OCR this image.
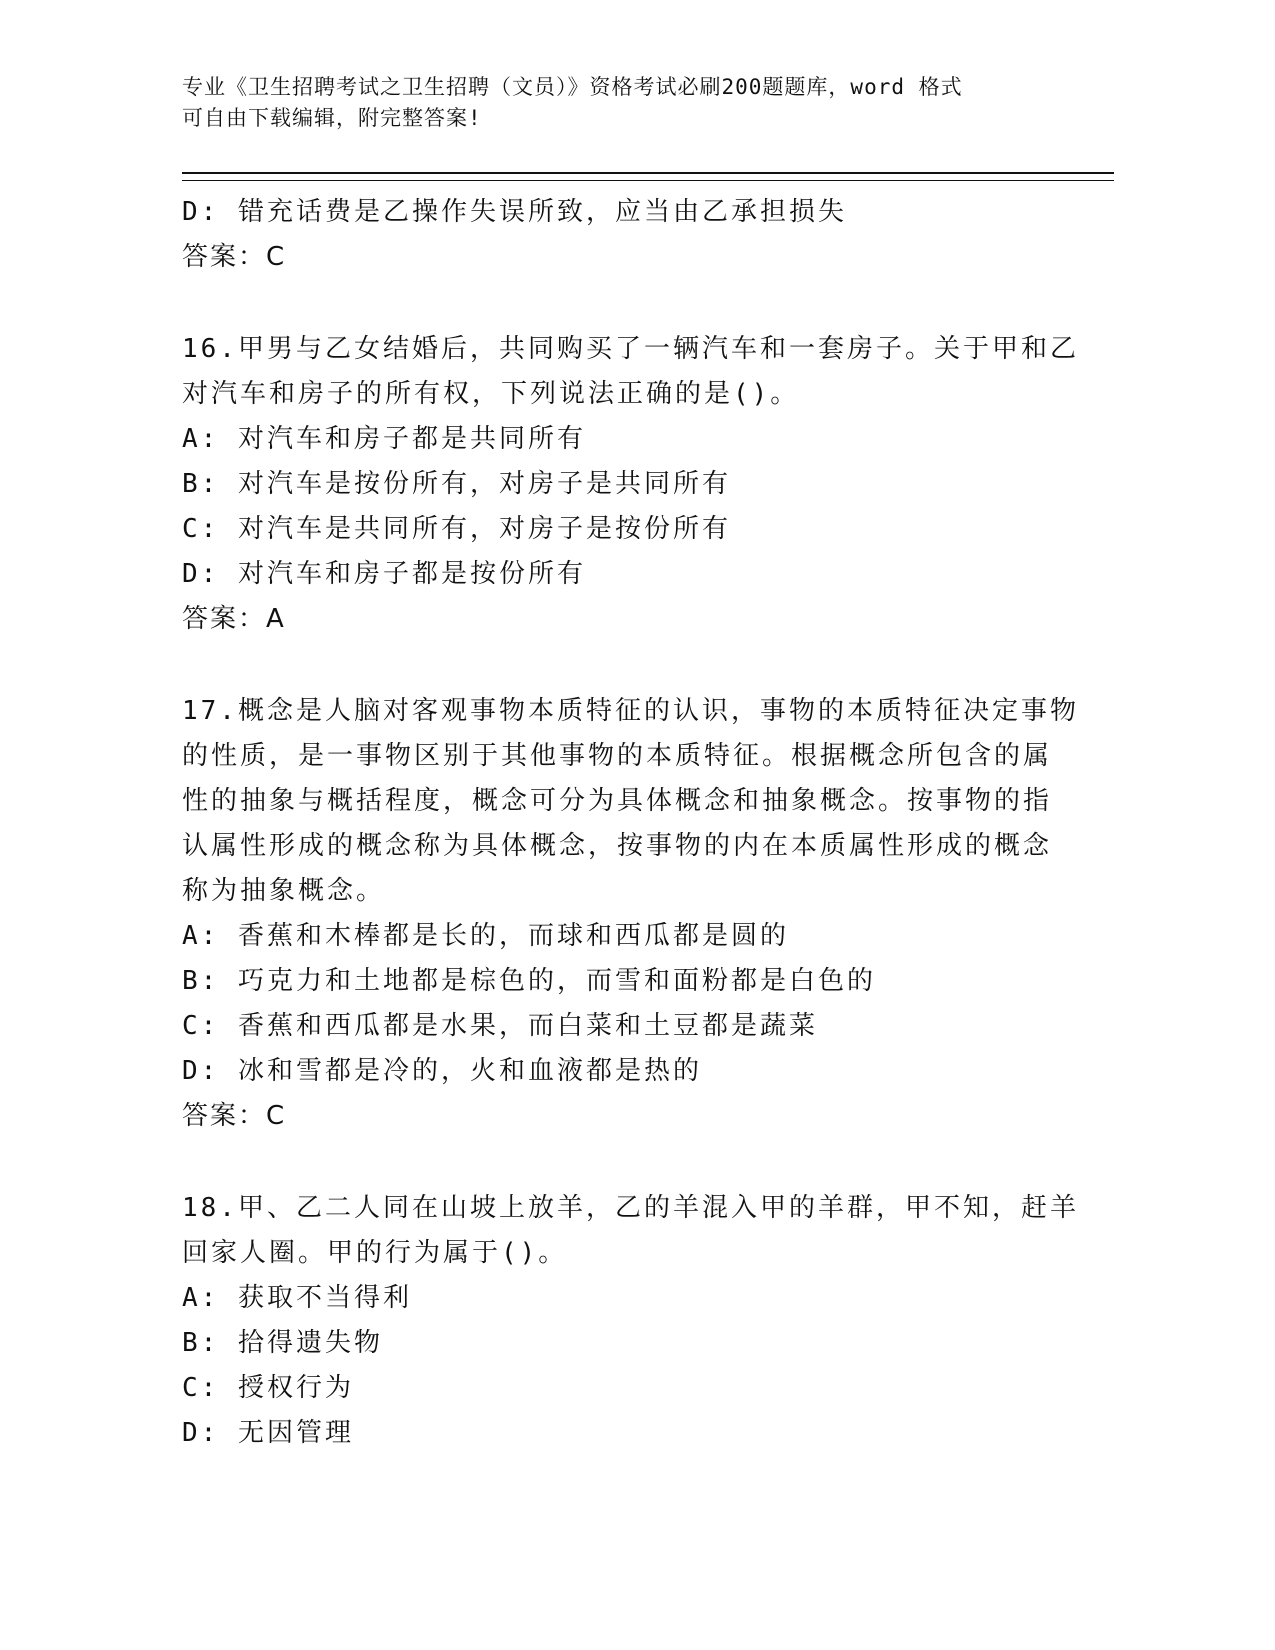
专业《卫生招聘考试之卫生招聘（文员）》资格考试必刷200题题库，word 格式
可自由下载编辑，附完整答案!
D: 错充话费是乙操作失误所致，应当由乙承担损失
答案：C
16.甲男与乙女结婚后，共同购买了一辆汽车和一套房子。关于甲和乙
对汽车和房子的所有权，下列说法正确的是()。
A: 对汽车和房子都是共同所有
B: 对汽车是按份所有，对房子是共同所有
C: 对汽车是共同所有，对房子是按份所有
D: 对汽车和房子都是按份所有
答案：A
17.概念是人脑对客观事物本质特征的认识，事物的本质特征决定事物
的性质，是一事物区别于其他事物的本质特征。根据概念所包含的属
性的抽象与概括程度，概念可分为具体概念和抽象概念。按事物的指
认属性形成的概念称为具体概念，按事物的内在本质属性形成的概念
称为抽象概念。
A: 香蕉和木棒都是长的，而球和西瓜都是圆的
B: 巧克力和土地都是棕色的，而雪和面粉都是白色的
C: 香蕉和西瓜都是水果，而白菜和土豆都是蔬菜
D: 冰和雪都是冷的，火和血液都是热的
答案：C
18.甲、乙二人同在山坡上放羊，乙的羊混入甲的羊群，甲不知，赶羊
回家人圈。甲的行为属于()。
A: 获取不当得利
B: 拾得遗失物
C: 授权行为
D: 无因管理
